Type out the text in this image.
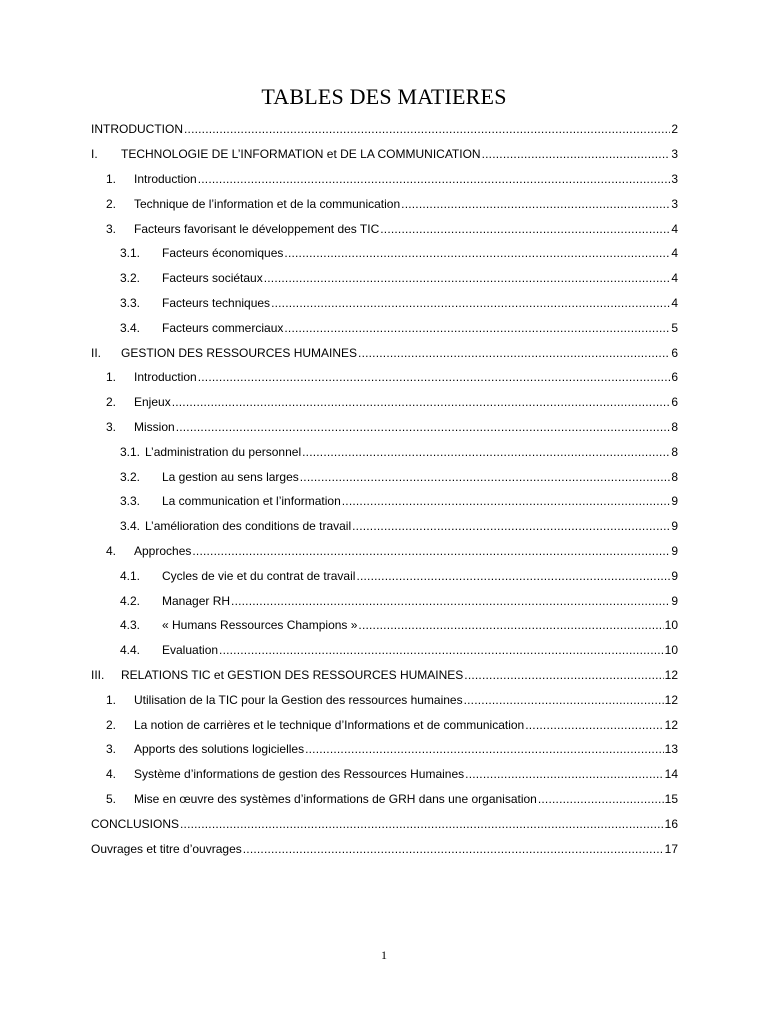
TABLES DES MATIERES
INTRODUCTION .....	2
I.	TECHNOLOGIE DE L’INFORMATION et DE LA COMMUNICATION .....	3
1.	Introduction .....	3
2.	Technique de l’information et de la communication .....	3
3.	Facteurs favorisant le développement des TIC .....	4
3.1.	Facteurs économiques .....	4
3.2.	Facteurs sociétaux .....	4
3.3.	Facteurs techniques .....	4
3.4.	Facteurs commerciaux .....	5
II.	GESTION DES RESSOURCES HUMAINES .....	6
1.	Introduction .....	6
2.	Enjeux .....	6
3.	Mission .....	8
3.1. L’administration du personnel .....	8
3.2.	La gestion au sens larges .....	8
3.3.	La communication et l’information .....	9
3.4. L’amélioration des conditions de travail .....	9
4.	Approches .....	9
4.1.	Cycles de vie et du contrat de travail .....	9
4.2.	Manager RH .....	9
4.3.	« Humans Ressources Champions » .....	10
4.4.	Evaluation .....	10
III.	RELATIONS TIC et GESTION DES RESSOURCES HUMAINES .....	12
1.	Utilisation de la TIC pour la Gestion des ressources humaines .....	12
2.	La notion de carrières et le technique d’Informations et de communication .....	12
3.	Apports des solutions logicielles .....	13
4.	Système d’informations de gestion des Ressources Humaines .....	14
5.	Mise en œuvre des systèmes d’informations de GRH dans une organisation .....	15
CONCLUSIONS .....	16
Ouvrages et titre d’ouvrages .....	17
1
